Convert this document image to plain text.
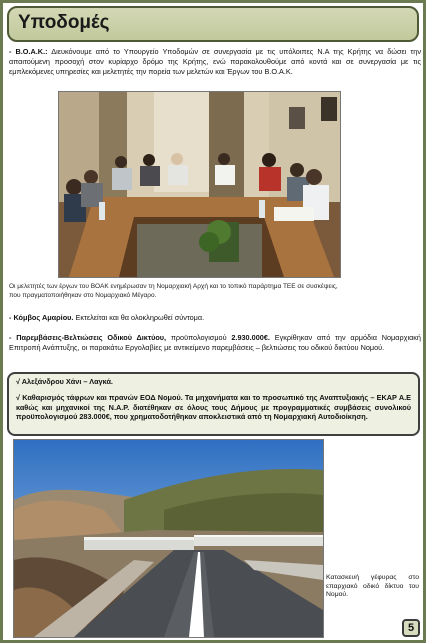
Υποδομές

- Β.Ο.Α.Κ.: Διευκόνουμε από το Υπουργείο Υποδομών σε συνεργασία με τις υπόλοιπες Ν.Α της Κρήτης να δώσει την απαιτούμενη προσοχή στον κυρίαρχο δρόμο της Κρήτης, ενώ παρακολουθούμε από κοντά και σε συνεργασία με τις εμπλεκόμενες υπηρεσίες και μελετητές την πορεία των μελετών και Έργων του Β.Ο.Α.Κ.

Οι μελετητές των έργων του ΒΟΑΚ ενημέρωσαν τη Νομαρχιακή Αρχή και το τοπικό παράρτημα ΤΕΕ σε συσκέψεις, που πραγματοποιήθηκαν στο Νομαρχιακό Μέγαρο.

- Κόμβος Αμαρίου. Εκτελείται και θα ολοκληρωθεί σύντομα.

- Παρεμβάσεις-Βελτιώσεις Οδικού Δικτύου, προϋπολογισμού 2.930.000€. Εγκρίθηκαν από την αρμόδια Νομαρχιακή Επιτροπή Ανάπτυξης, οι παρακάτω Εργολαβίες με αντικείμενο παρεμβάσεις – βελτιώσεις του οδικού δικτύου Νομού.

√ Αλεξάνδρου Χάνι – Λαγκά.

√ Καθαρισμός τάφρων και πρανών ΕΟΔ Νομού. Τα μηχανήματα και το προσωπικό της Αναπτυξιακής – ΕΚΑΡ Α.Ε καθώς και μηχανικοί της Ν.Α.Ρ. διατέθηκαν σε όλους τους Δήμους με προγραμματικές συμβάσεις συνολικού προϋπολογισμού 283.000€, που χρηματοδοτήθηκαν αποκλειστικά από τη Νομαρχιακή Αυτοδιοίκηση.

Κατασκευή γέφυρας στο επαρχιακό οδικό δίκτυο του Νομού.

5
